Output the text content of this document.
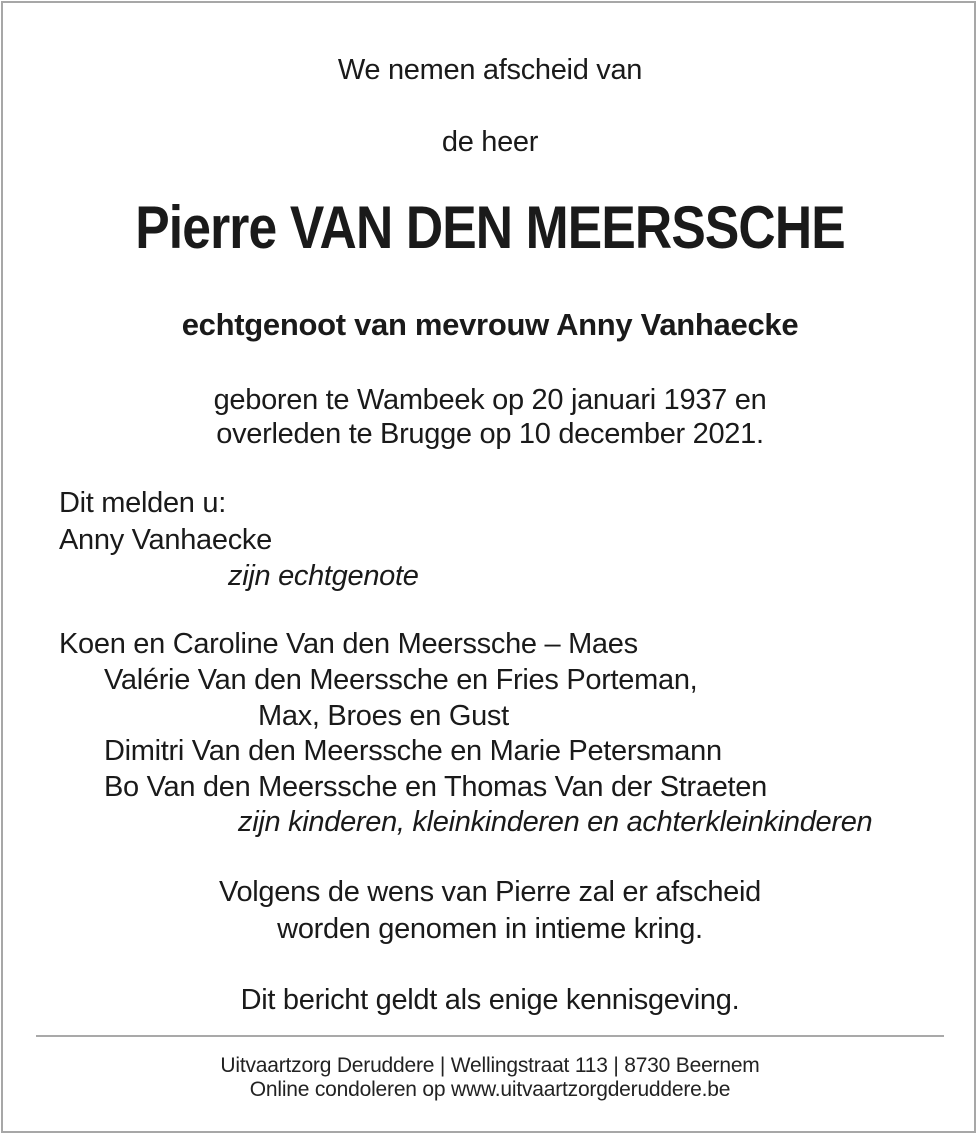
We nemen afscheid van

de heer

Pierre VAN DEN MEERSSCHE

echtgenoot van mevrouw Anny Vanhaecke

geboren te Wambeek op 20 januari 1937 en

overleden te Brugge op 10 december 2021.

Dit melden u:

Anny Vanhaecke

zijn echtgenote

Koen en Caroline Van den Meerssche – Maes

Valérie Van den Meerssche en Fries Porteman,

Max, Broes en Gust

Dimitri Van den Meerssche en Marie Petersmann

Bo Van den Meerssche en Thomas Van der Straeten

zijn kinderen, kleinkinderen en achterkleinkinderen

Volgens de wens van Pierre zal er afscheid

worden genomen in intieme kring.

Dit bericht geldt als enige kennisgeving.

Uitvaartzorg Deruddere | Wellingstraat 113 | 8730 Beernem

Online condoleren op www.uitvaartzorgderuddere.be
